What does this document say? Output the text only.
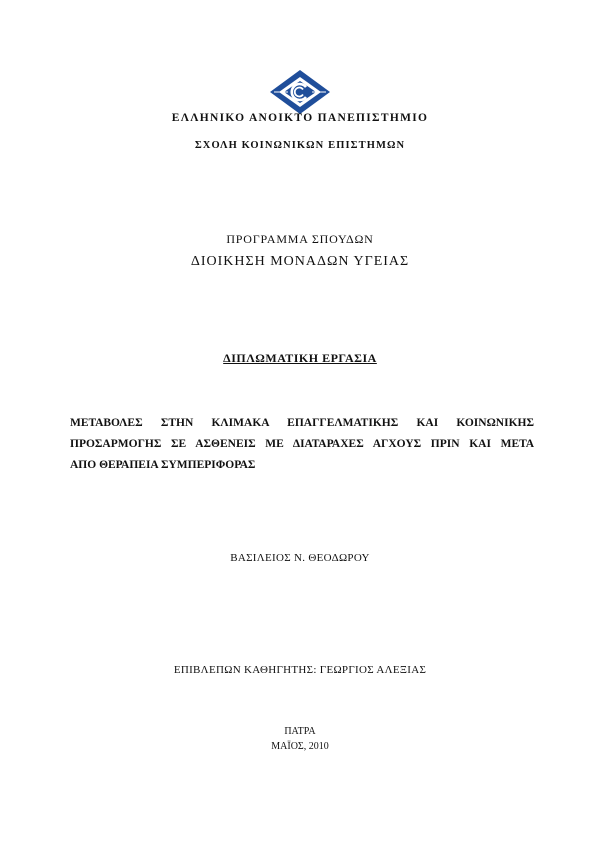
ΕΛΛΗΝΙΚΟ ΑΝΟΙΚΤΟ ΠΑΝΕΠΙΣΤΗΜΙΟ
ΣΧΟΛΗ ΚΟΙΝΩΝΙΚΩΝ ΕΠΙΣΤΗΜΩΝ
ΠΡΟΓΡΑΜΜΑ ΣΠΟΥΔΩΝ
ΔΙΟΙΚΗΣΗ ΜΟΝΑΔΩΝ ΥΓΕΙΑΣ
ΔΙΠΛΩΜΑΤΙΚΗ ΕΡΓΑΣΙΑ
ΜΕΤΑΒΟΛΕΣ ΣΤΗΝ ΚΛΙΜΑΚΑ ΕΠΑΓΓΕΛΜΑΤΙΚΗΣ ΚΑΙ ΚΟΙΝΩΝΙΚΗΣ
ΠΡΟΣΑΡΜΟΓΗΣ ΣΕ ΑΣΘΕΝΕΙΣ ΜΕ ΔΙΑΤΑΡΑΧΕΣ ΑΓΧΟΥΣ ΠΡΙΝ ΚΑΙ ΜΕΤΑ
ΑΠΟ ΘΕΡΑΠΕΙΑ ΣΥΜΠΕΡΙΦΟΡΑΣ
ΒΑΣΙΛΕΙΟΣ Ν. ΘΕΟΔΩΡΟΥ
ΕΠΙΒΛΕΠΩΝ ΚΑΘΗΓΗΤΗΣ: ΓΕΩΡΓΙΟΣ ΑΛΕΞΙΑΣ
ΠΑΤΡΑ
ΜΑΪΟΣ, 2010
